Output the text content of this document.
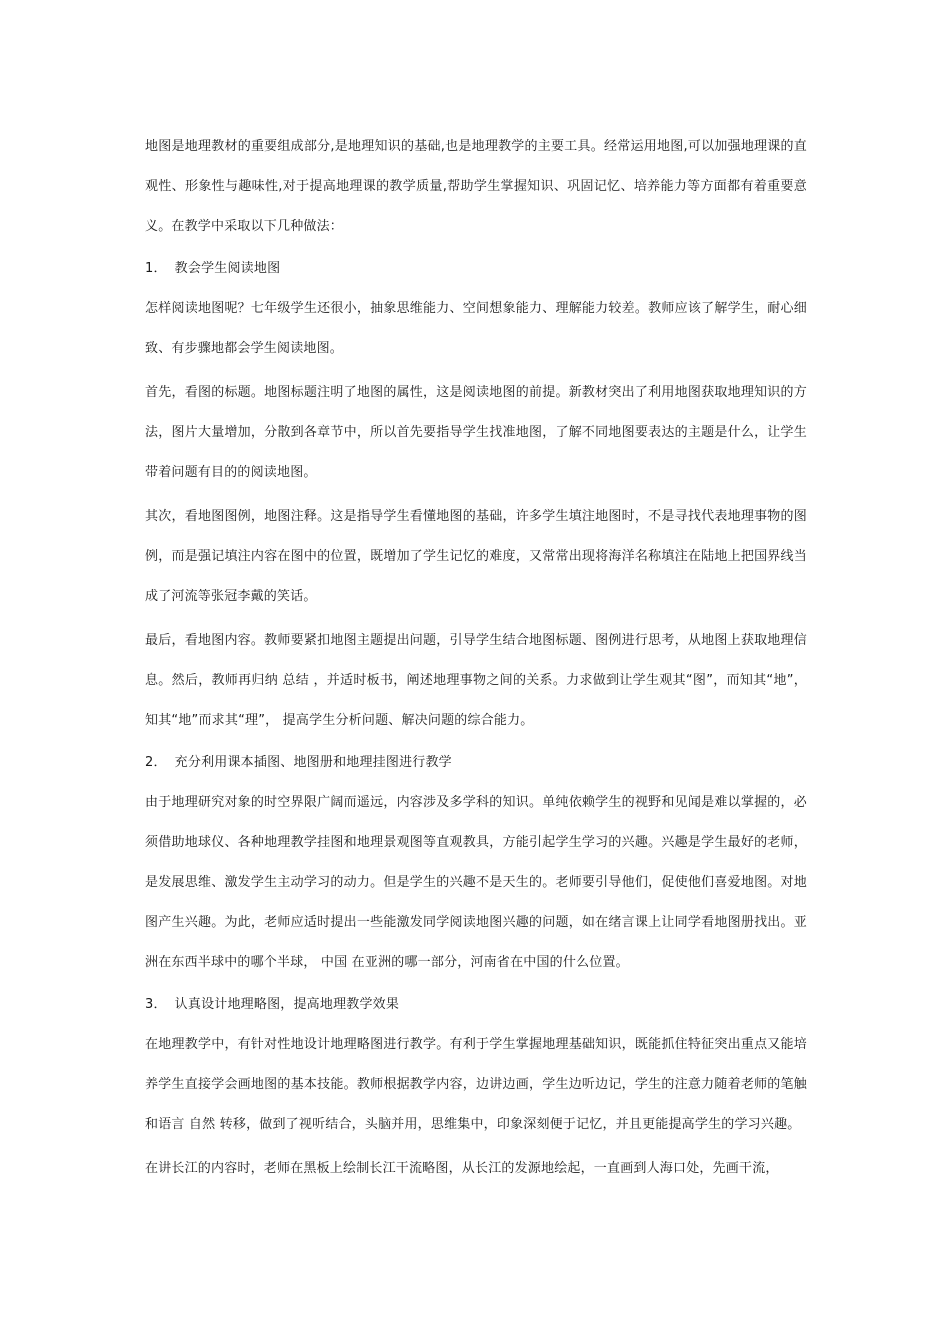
地图是地理教材的重要组成部分,是地理知识的基础,也是地理教学的主要工具。经常运用地图,可以加强地理课的直观性、形象性与趣味性,对于提高地理课的教学质量,帮助学生掌握知识、巩固记忆、培养能力等方面都有着重要意义。在教学中采取以下几种做法：

1． 教会学生阅读地图

怎样阅读地图呢？七年级学生还很小，抽象思维能力、空间想象能力、理解能力较差。教师应该了解学生，耐心细致、有步骤地都会学生阅读地图。

首先，看图的标题。地图标题注明了地图的属性，这是阅读地图的前提。新教材突出了利用地图获取地理知识的方法，图片大量增加，分散到各章节中，所以首先要指导学生找准地图，了解不同地图要表达的主题是什么，让学生带着问题有目的的阅读地图。

其次，看地图图例，地图注释。这是指导学生看懂地图的基础，许多学生填注地图时，不是寻找代表地理事物的图例，而是强记填注内容在图中的位置，既增加了学生记忆的难度，又常常出现将海洋名称填注在陆地上把国界线当成了河流等张冠李戴的笑话。

最后，看地图内容。教师要紧扣地图主题提出问题，引导学生结合地图标题、图例进行思考，从地图上获取地理信息。然后，教师再归纳 总结 ，并适时板书，阐述地理事物之间的关系。力求做到让学生观其“图”，而知其“地”， 知其“地”而求其“理”， 提高学生分析问题、解决问题的综合能力。

2． 充分利用课本插图、地图册和地理挂图进行教学

由于地理研究对象的时空界限广阔而遥远，内容涉及多学科的知识。单纯依赖学生的视野和见闻是难以掌握的，必须借助地球仪、各种地理教学挂图和地理景观图等直观教具，方能引起学生学习的兴趣。兴趣是学生最好的老师，是发展思维、激发学生主动学习的动力。但是学生的兴趣不是天生的。老师要引导他们，促使他们喜爱地图。对地图产生兴趣。为此，老师应适时提出一些能激发同学阅读地图兴趣的问题，如在绪言课上让同学看地图册找出。亚洲在东西半球中的哪个半球， 中国 在亚洲的哪一部分，河南省在中国的什么位置。

3． 认真设计地理略图，提高地理教学效果

在地理教学中，有针对性地设计地理略图进行教学。有利于学生掌握地理基础知识，既能抓住特征突出重点又能培养学生直接学会画地图的基本技能。教师根据教学内容，边讲边画，学生边听边记，学生的注意力随着老师的笔触和语言 自然 转移，做到了视听结合，头脑并用，思维集中，印象深刻便于记忆，并且更能提高学生的学习兴趣。

在讲长江的内容时，老师在黑板上绘制长江干流略图，从长江的发源地绘起，一直画到人海口处，先画干流，
